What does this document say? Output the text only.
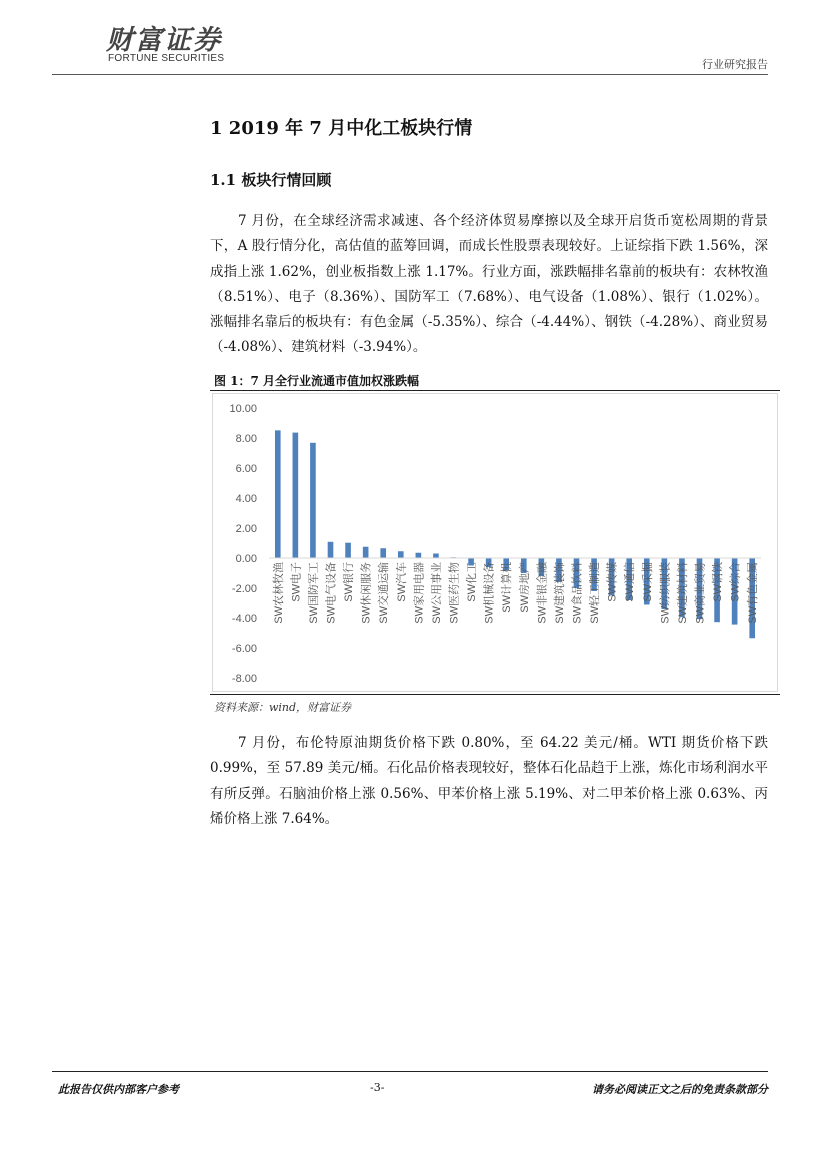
财富证券
FORTUNE SECURITIES	行业研究报告
1 2019 年 7 月中化工板块行情
1.1 板块行情回顾
7 月份，在全球经济需求减速、各个经济体贸易摩擦以及全球开启货币宽松周期的背景下，A 股行情分化，高估值的蓝筹回调，而成长性股票表现较好。上证综指下跌 1.56%，深成指上涨 1.62%，创业板指数上涨 1.17%。行业方面，涨跌幅排名靠前的板块有：农林牧渔（8.51%）、电子（8.36%）、国防军工（7.68%）、电气设备（1.08%）、银行（1.02%）。涨幅排名靠后的板块有：有色金属（-5.35%）、综合（-4.44%）、钢铁（-4.28%）、商业贸易（-4.08%）、建筑材料（-3.94%）。
图 1：7 月全行业流通市值加权涨跌幅
10.00
8.00
6.00
4.00
2.00
0.00
-2.00
-4.00
-6.00
-8.00
SW农林牧渔 SW电子 SW国防军工 SW电气设备 SW银行 SW休闲服务 SW交通运输 SW汽车 SW家用电器 SW公用事业 SW医药生物 SW化工 SW机械设备 SW计算机 SW房地产 SW非银金融 SW建筑装饰 SW食品饮料 SW轻工制造 SW传媒 SW通信 SW采掘 SW纺织服装 SW建筑材料 SW商业贸易 SW钢铁 SW综合 SW有色金属
资料来源：wind，财富证券
7 月份，布伦特原油期货价格下跌 0.80%，至 64.22 美元/桶。WTI 期货价格下跌 0.99%，至 57.89 美元/桶。石化品价格表现较好，整体石化品趋于上涨，炼化市场利润水平有所反弹。石脑油价格上涨 0.56%、甲苯价格上涨 5.19%、对二甲苯价格上涨 0.63%、丙烯价格上涨 7.64%。
此报告仅供内部客户参考	-3-	请务必阅读正文之后的免责条款部分
